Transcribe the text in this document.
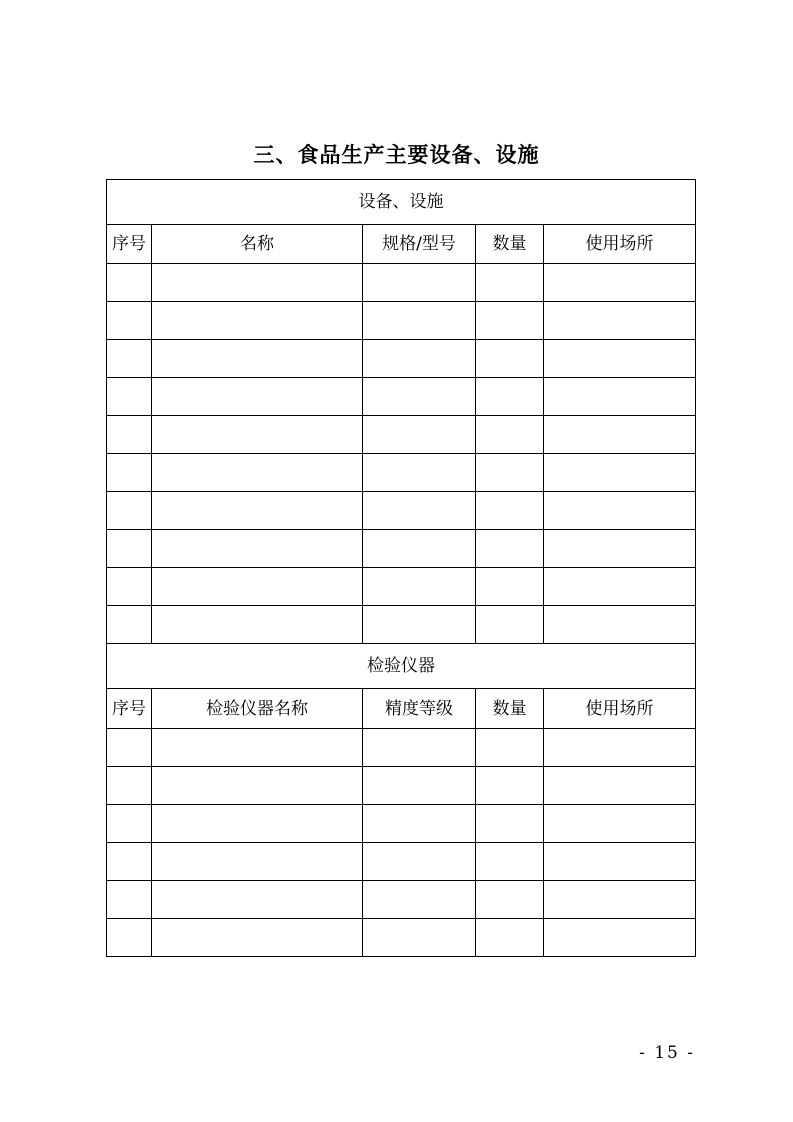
三、食品生产主要设备、设施
设备、设施				
序号	名称	规格/型号	数量	使用场所

检验仪器				
序号	检验仪器名称	精度等级	数量	使用场所

- 15 -
